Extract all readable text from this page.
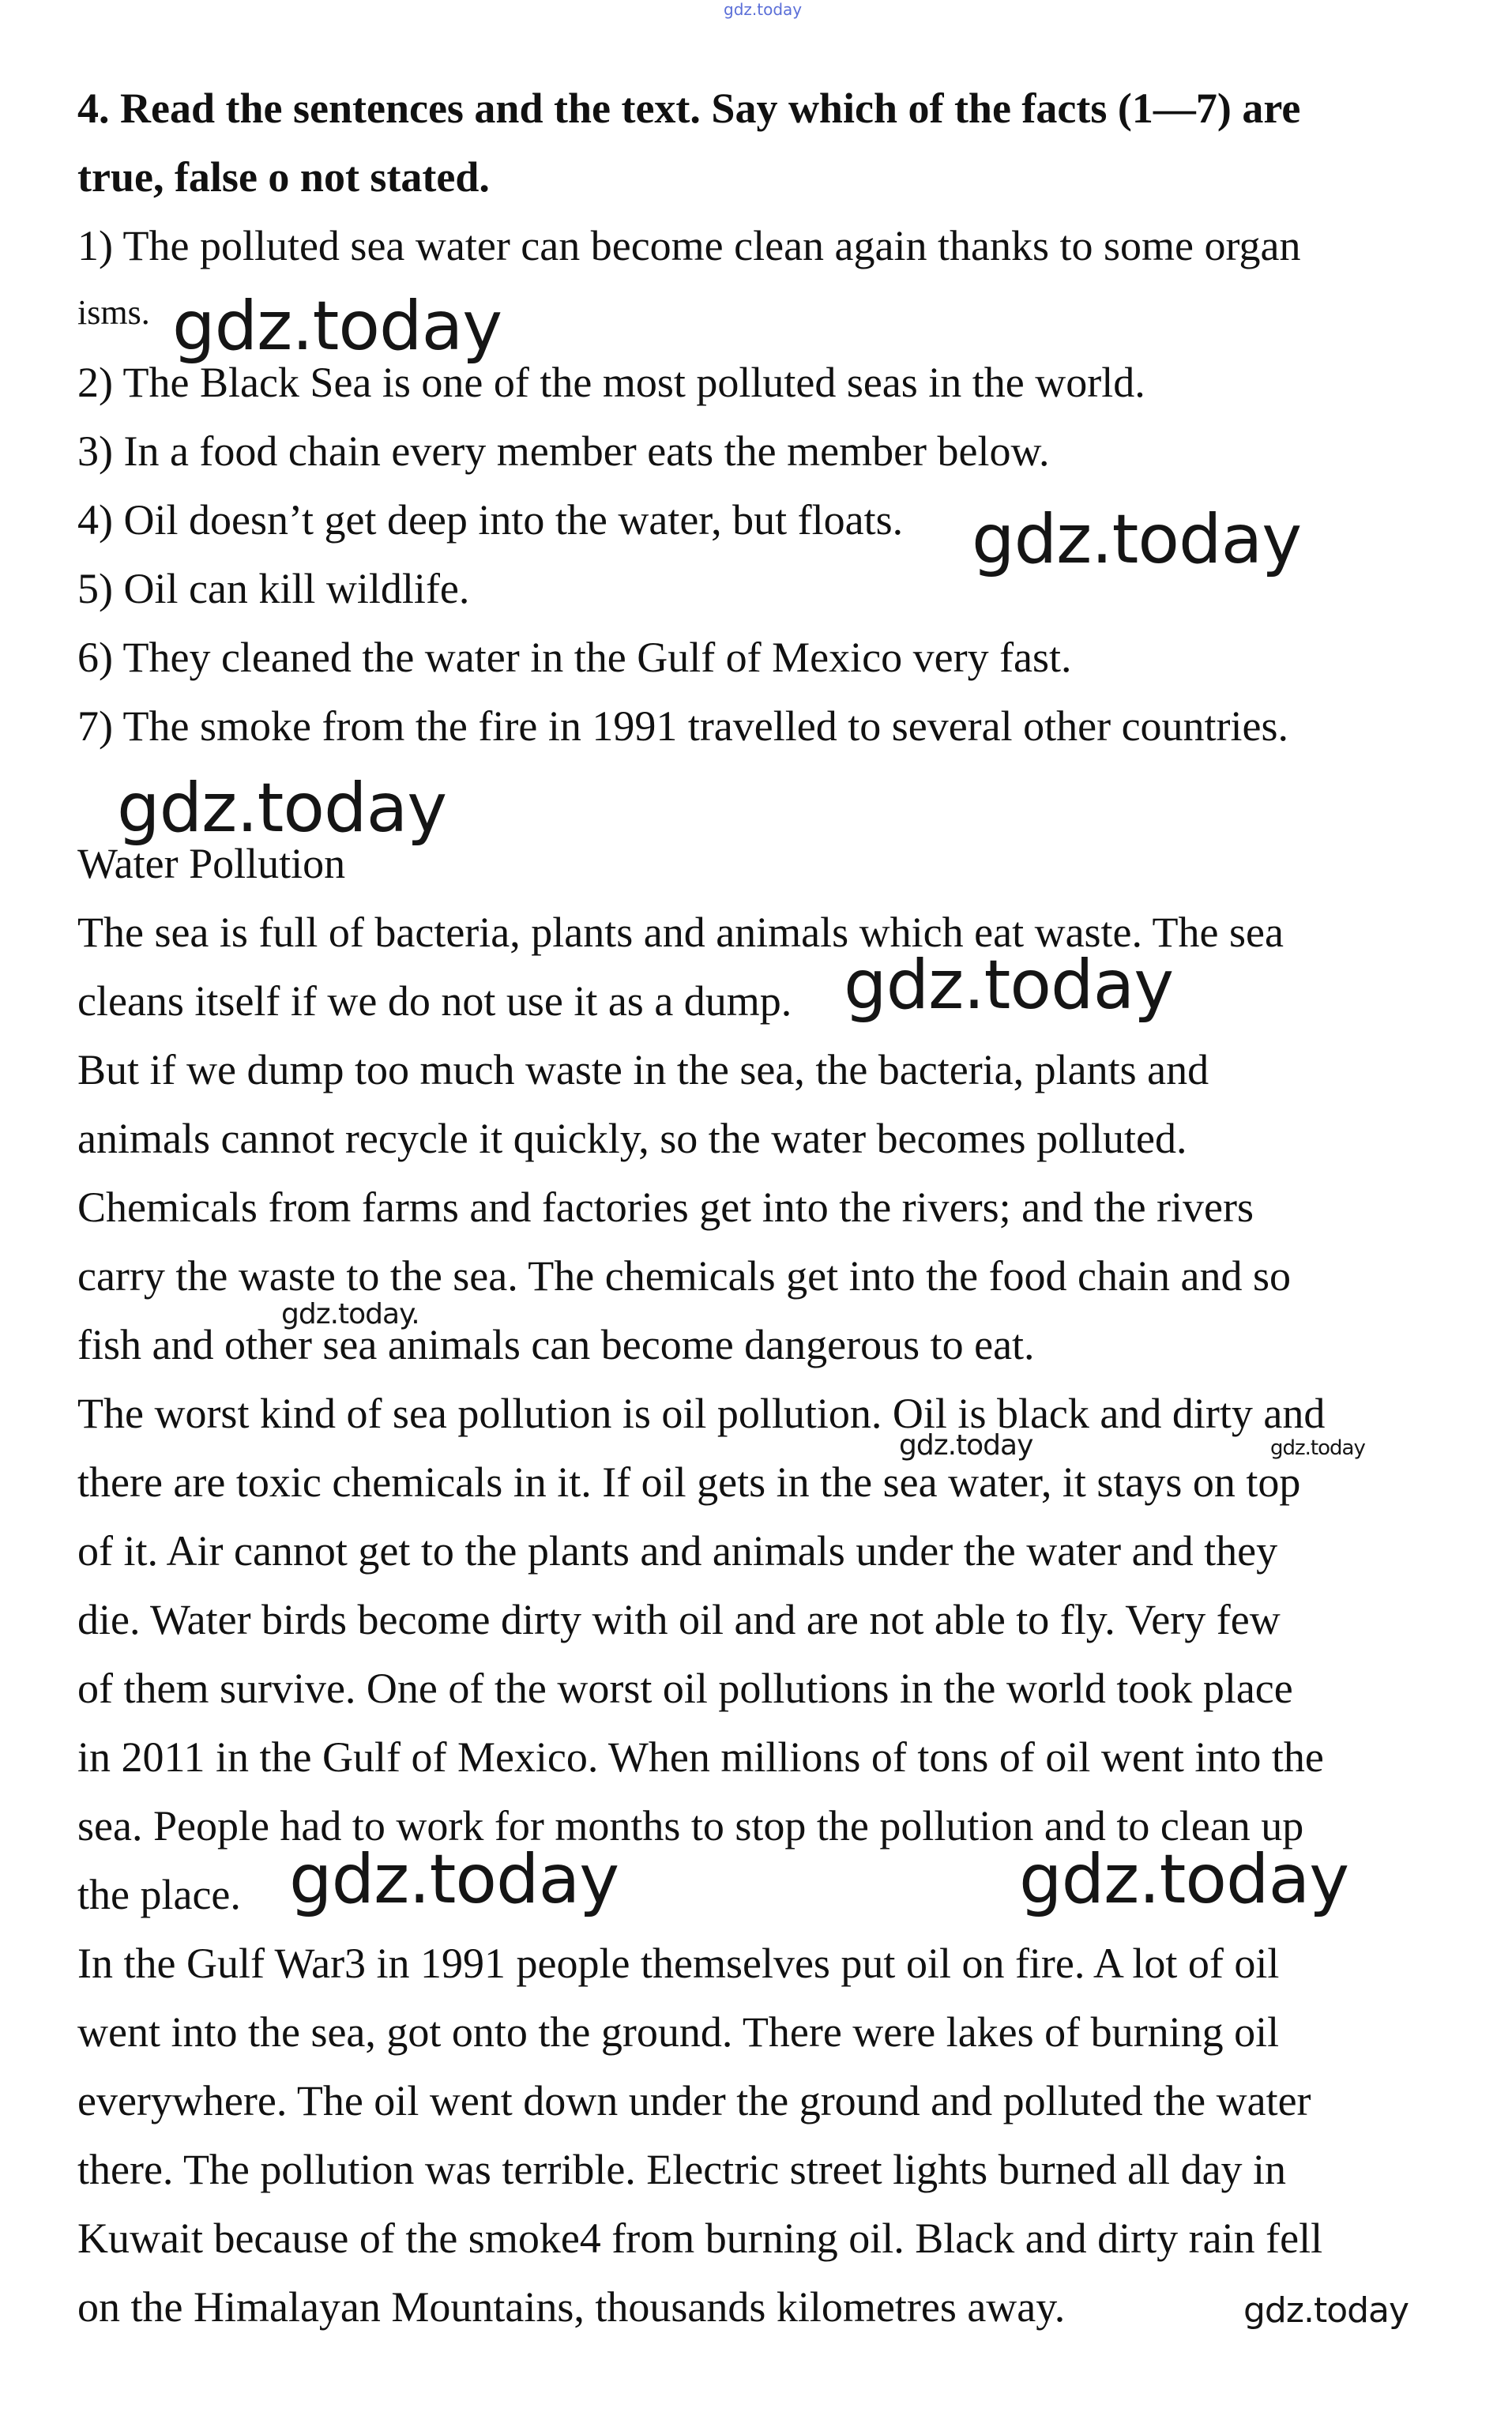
gdz.today
4. Read the sentences and the text. Say which of the facts (1—7) are
true, false o not stated.
1) The polluted sea water can become clean again thanks to some organ
isms. gdz.today
2) The Black Sea is one of the most polluted seas in the world.
3) In a food chain every member eats the member below.
4) Oil doesn’t get deep into the water, but floats. gdz.today
5) Oil can kill wildlife.
6) They cleaned the water in the Gulf of Mexico very fast.
7) The smoke from the fire in 1991 travelled to several other countries.
gdz.today
Water Pollution
The sea is full of bacteria, plants and animals which eat waste. The sea
cleans itself if we do not use it as a dump. gdz.today
But if we dump too much waste in the sea, the bacteria, plants and
animals cannot recycle it quickly, so the water becomes polluted.
Chemicals from farms and factories get into the rivers; and the rivers
carry the waste to the sea. The chemicals get into the food chain and so
gdz.today.
fish and other sea animals can become dangerous to eat.
The worst kind of sea pollution is oil pollution. Oil is black and dirty and
gdz.today	gdz.today
there are toxic chemicals in it. If oil gets in the sea water, it stays on top
of it. Air cannot get to the plants and animals under the water and they
die. Water birds become dirty with oil and are not able to fly. Very few
of them survive. One of the worst oil pollutions in the world took place
in 2011 in the Gulf of Mexico. When millions of tons of oil went into the
sea. People had to work for months to stop the pollution and to clean up
the place. gdz.today	gdz.today
In the Gulf War3 in 1991 people themselves put oil on fire. A lot of oil
went into the sea, got onto the ground. There were lakes of burning oil
everywhere. The oil went down under the ground and polluted the water
there. The pollution was terrible. Electric street lights burned all day in
Kuwait because of the smoke4 from burning oil. Black and dirty rain fell
on the Himalayan Mountains, thousands kilometres away.	gdz.today
